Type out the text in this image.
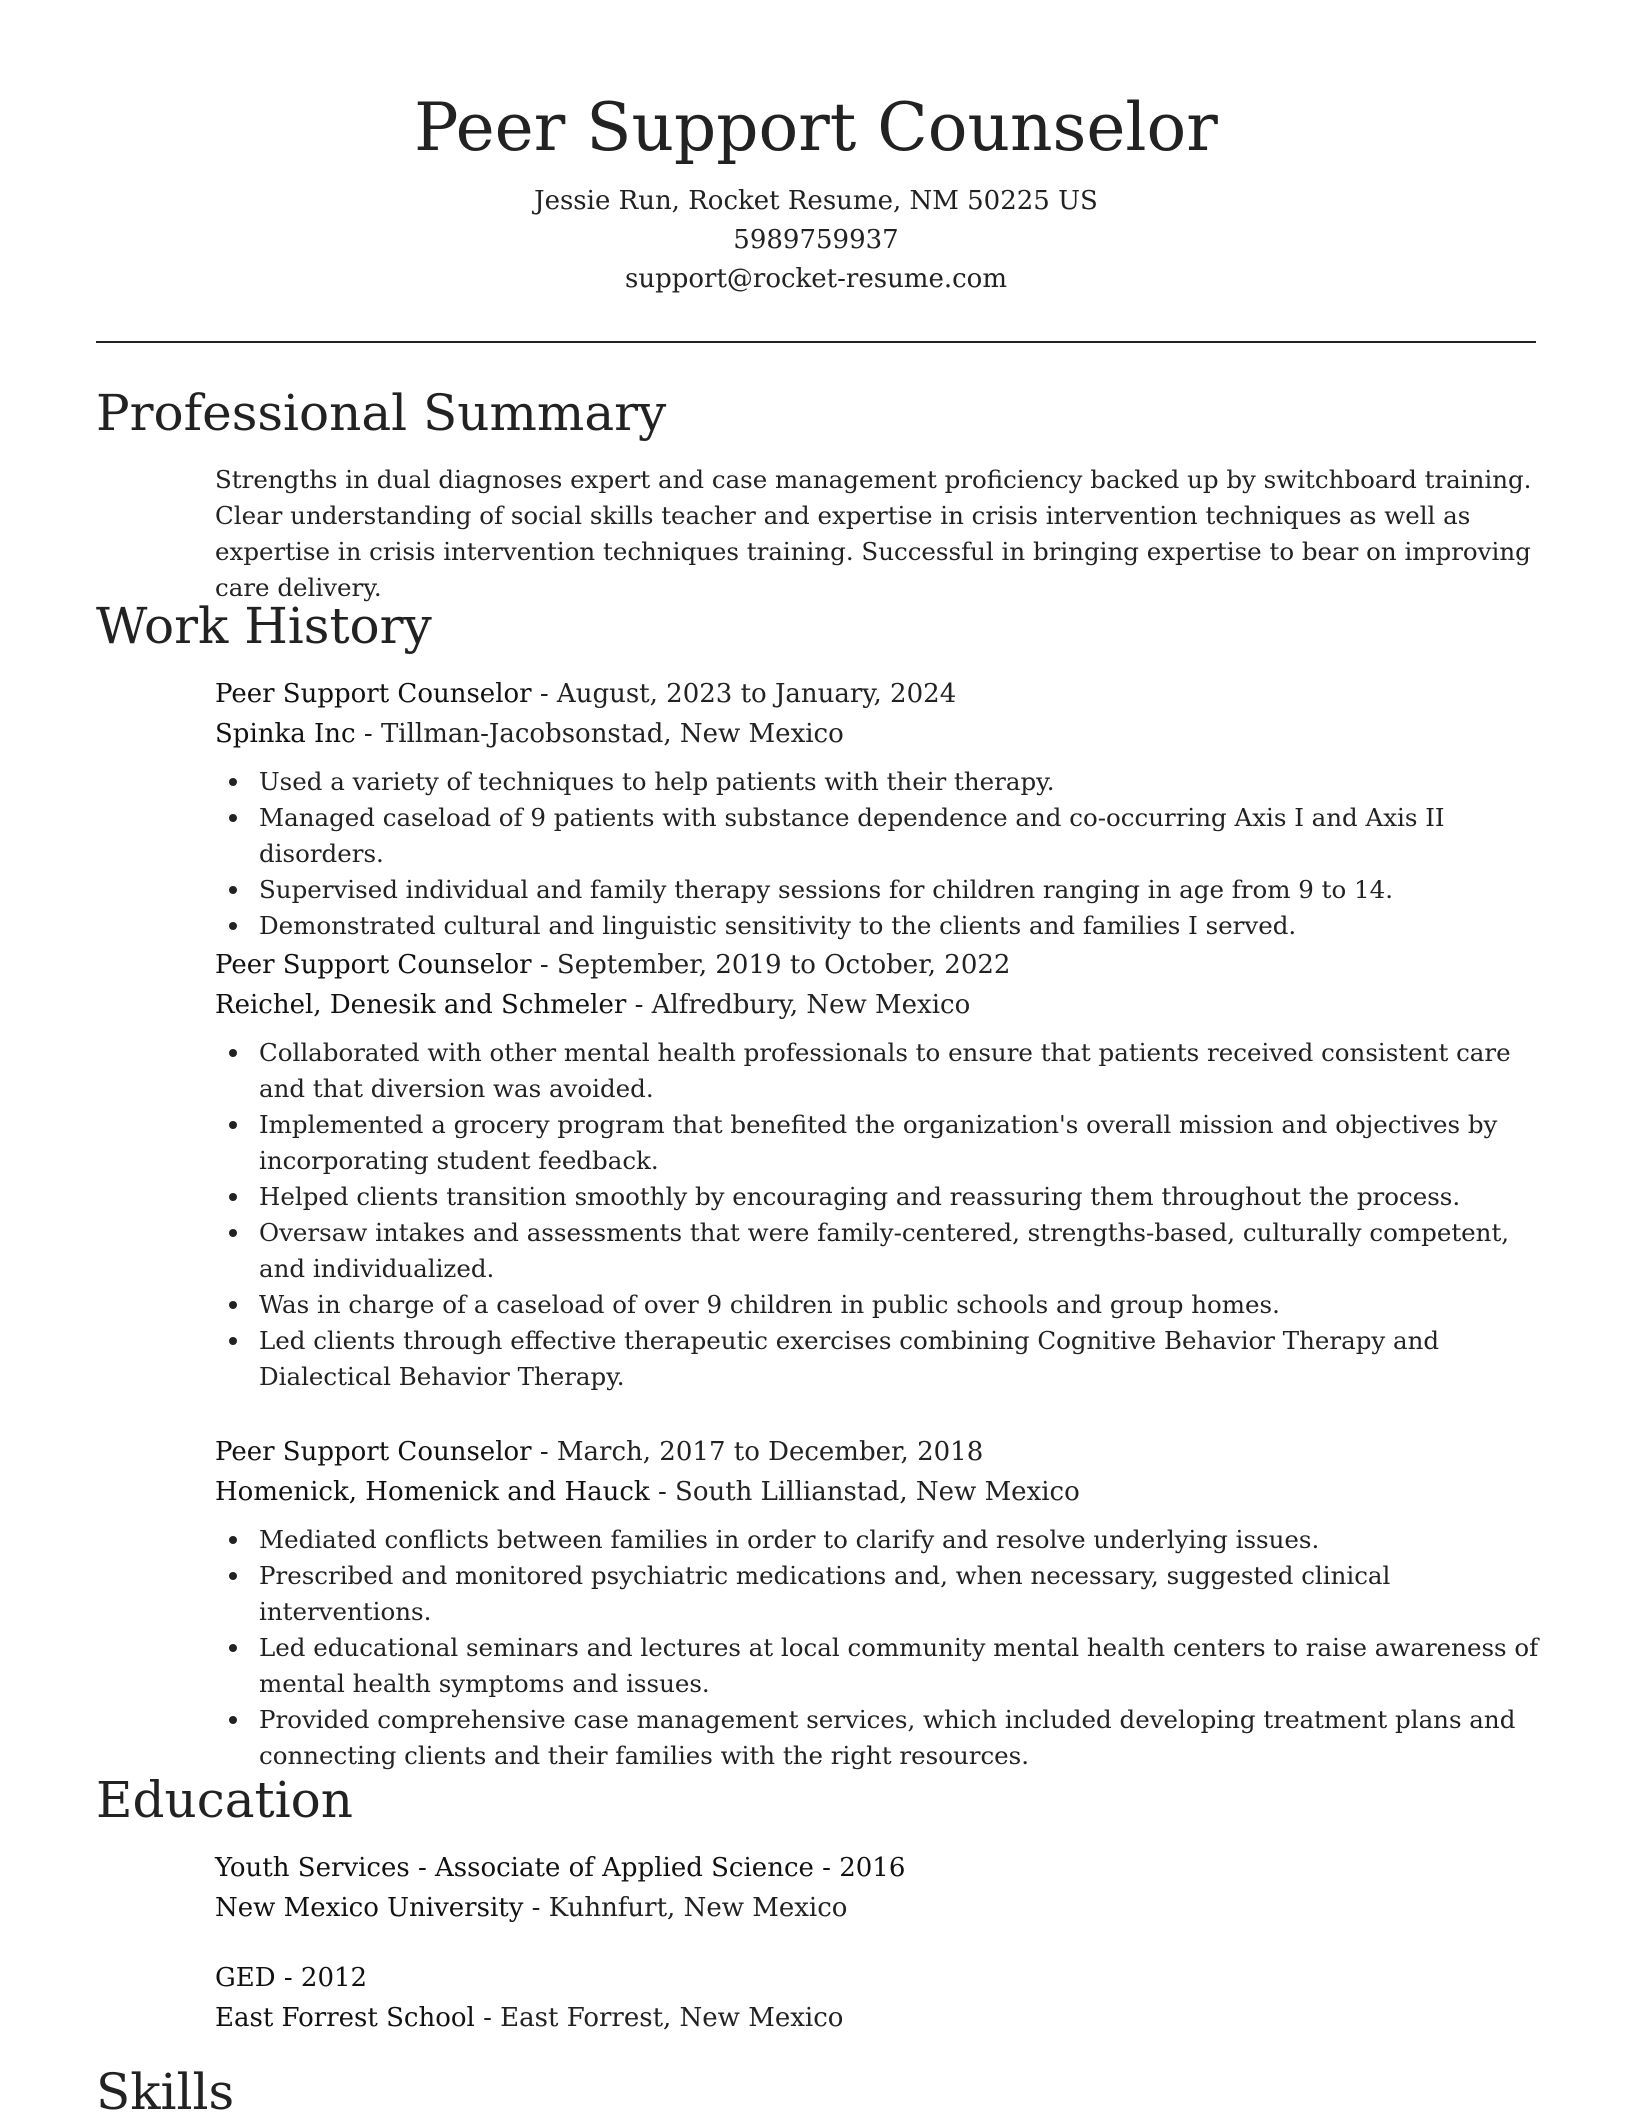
Peer Support Counselor

Jessie Run, Rocket Resume, NM 50225 US

5989759937

support@rocket-resume.com

Professional Summary

Strengths in dual diagnoses expert and case management proficiency backed up by switchboard training. Clear understanding of social skills teacher and expertise in crisis intervention techniques as well as expertise in crisis intervention techniques training. Successful in bringing expertise to bear on improving care delivery.

Work History

Peer Support Counselor - August, 2023 to January, 2024

Spinka Inc - Tillman-Jacobsonstad, New Mexico

Used a variety of techniques to help patients with their therapy.
Managed caseload of 9 patients with substance dependence and co-occurring Axis I and Axis II disorders.
Supervised individual and family therapy sessions for children ranging in age from 9 to 14.
Demonstrated cultural and linguistic sensitivity to the clients and families I served.

Peer Support Counselor - September, 2019 to October, 2022

Reichel, Denesik and Schmeler - Alfredbury, New Mexico

Collaborated with other mental health professionals to ensure that patients received consistent care and that diversion was avoided.
Implemented a grocery program that benefited the organization's overall mission and objectives by incorporating student feedback.
Helped clients transition smoothly by encouraging and reassuring them throughout the process.
Oversaw intakes and assessments that were family-centered, strengths-based, culturally competent, and individualized.
Was in charge of a caseload of over 9 children in public schools and group homes.
Led clients through effective therapeutic exercises combining Cognitive Behavior Therapy and Dialectical Behavior Therapy.

Peer Support Counselor - March, 2017 to December, 2018

Homenick, Homenick and Hauck - South Lillianstad, New Mexico

Mediated conflicts between families in order to clarify and resolve underlying issues.
Prescribed and monitored psychiatric medications and, when necessary, suggested clinical interventions.
Led educational seminars and lectures at local community mental health centers to raise awareness of mental health symptoms and issues.
Provided comprehensive case management services, which included developing treatment plans and connecting clients and their families with the right resources.
Education

Youth Services - Associate of Applied Science - 2016

New Mexico University - Kuhnfurt, New Mexico

GED - 2012

East Forrest School - East Forrest, New Mexico

Skills
